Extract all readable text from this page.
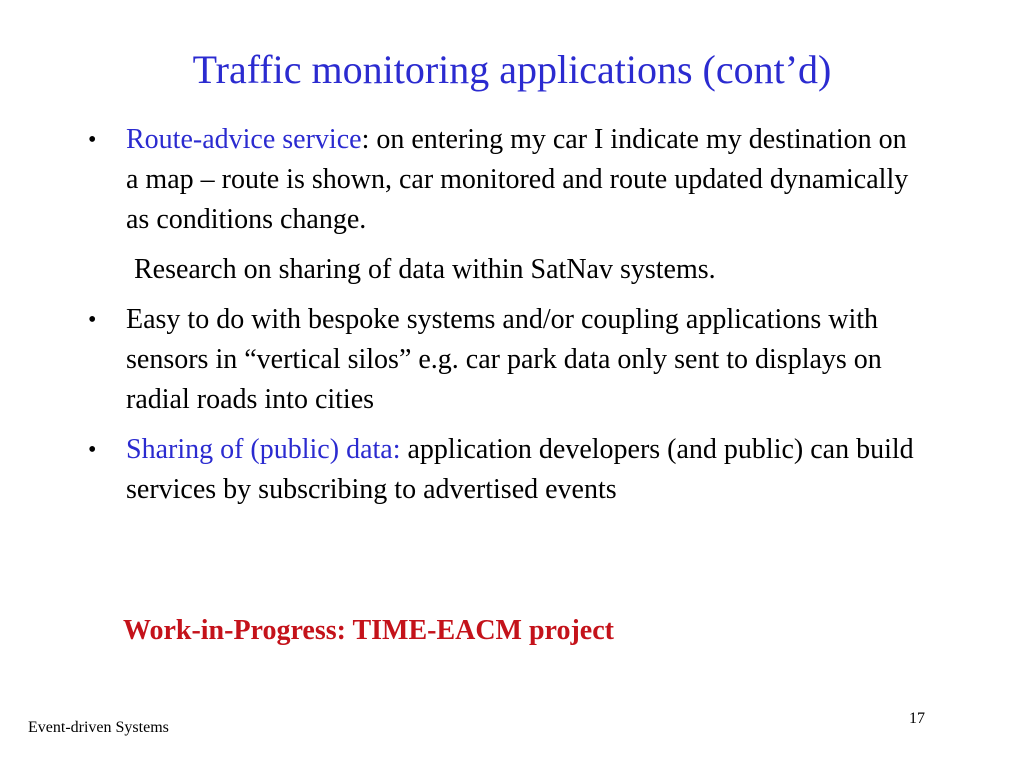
Traffic monitoring applications (cont’d)

• Route-advice service: on entering my car I indicate my destination on a map – route is shown, car monitored and route updated dynamically as conditions change.

Research on sharing of data within SatNav systems.

• Easy to do with bespoke systems and/or coupling applications with sensors in “vertical silos” e.g. car park data only sent to displays on radial roads into cities

• Sharing of (public) data: application developers (and public) can build services by subscribing to advertised events

Work-in-Progress: TIME-EACM project
Event-driven Systems
17
